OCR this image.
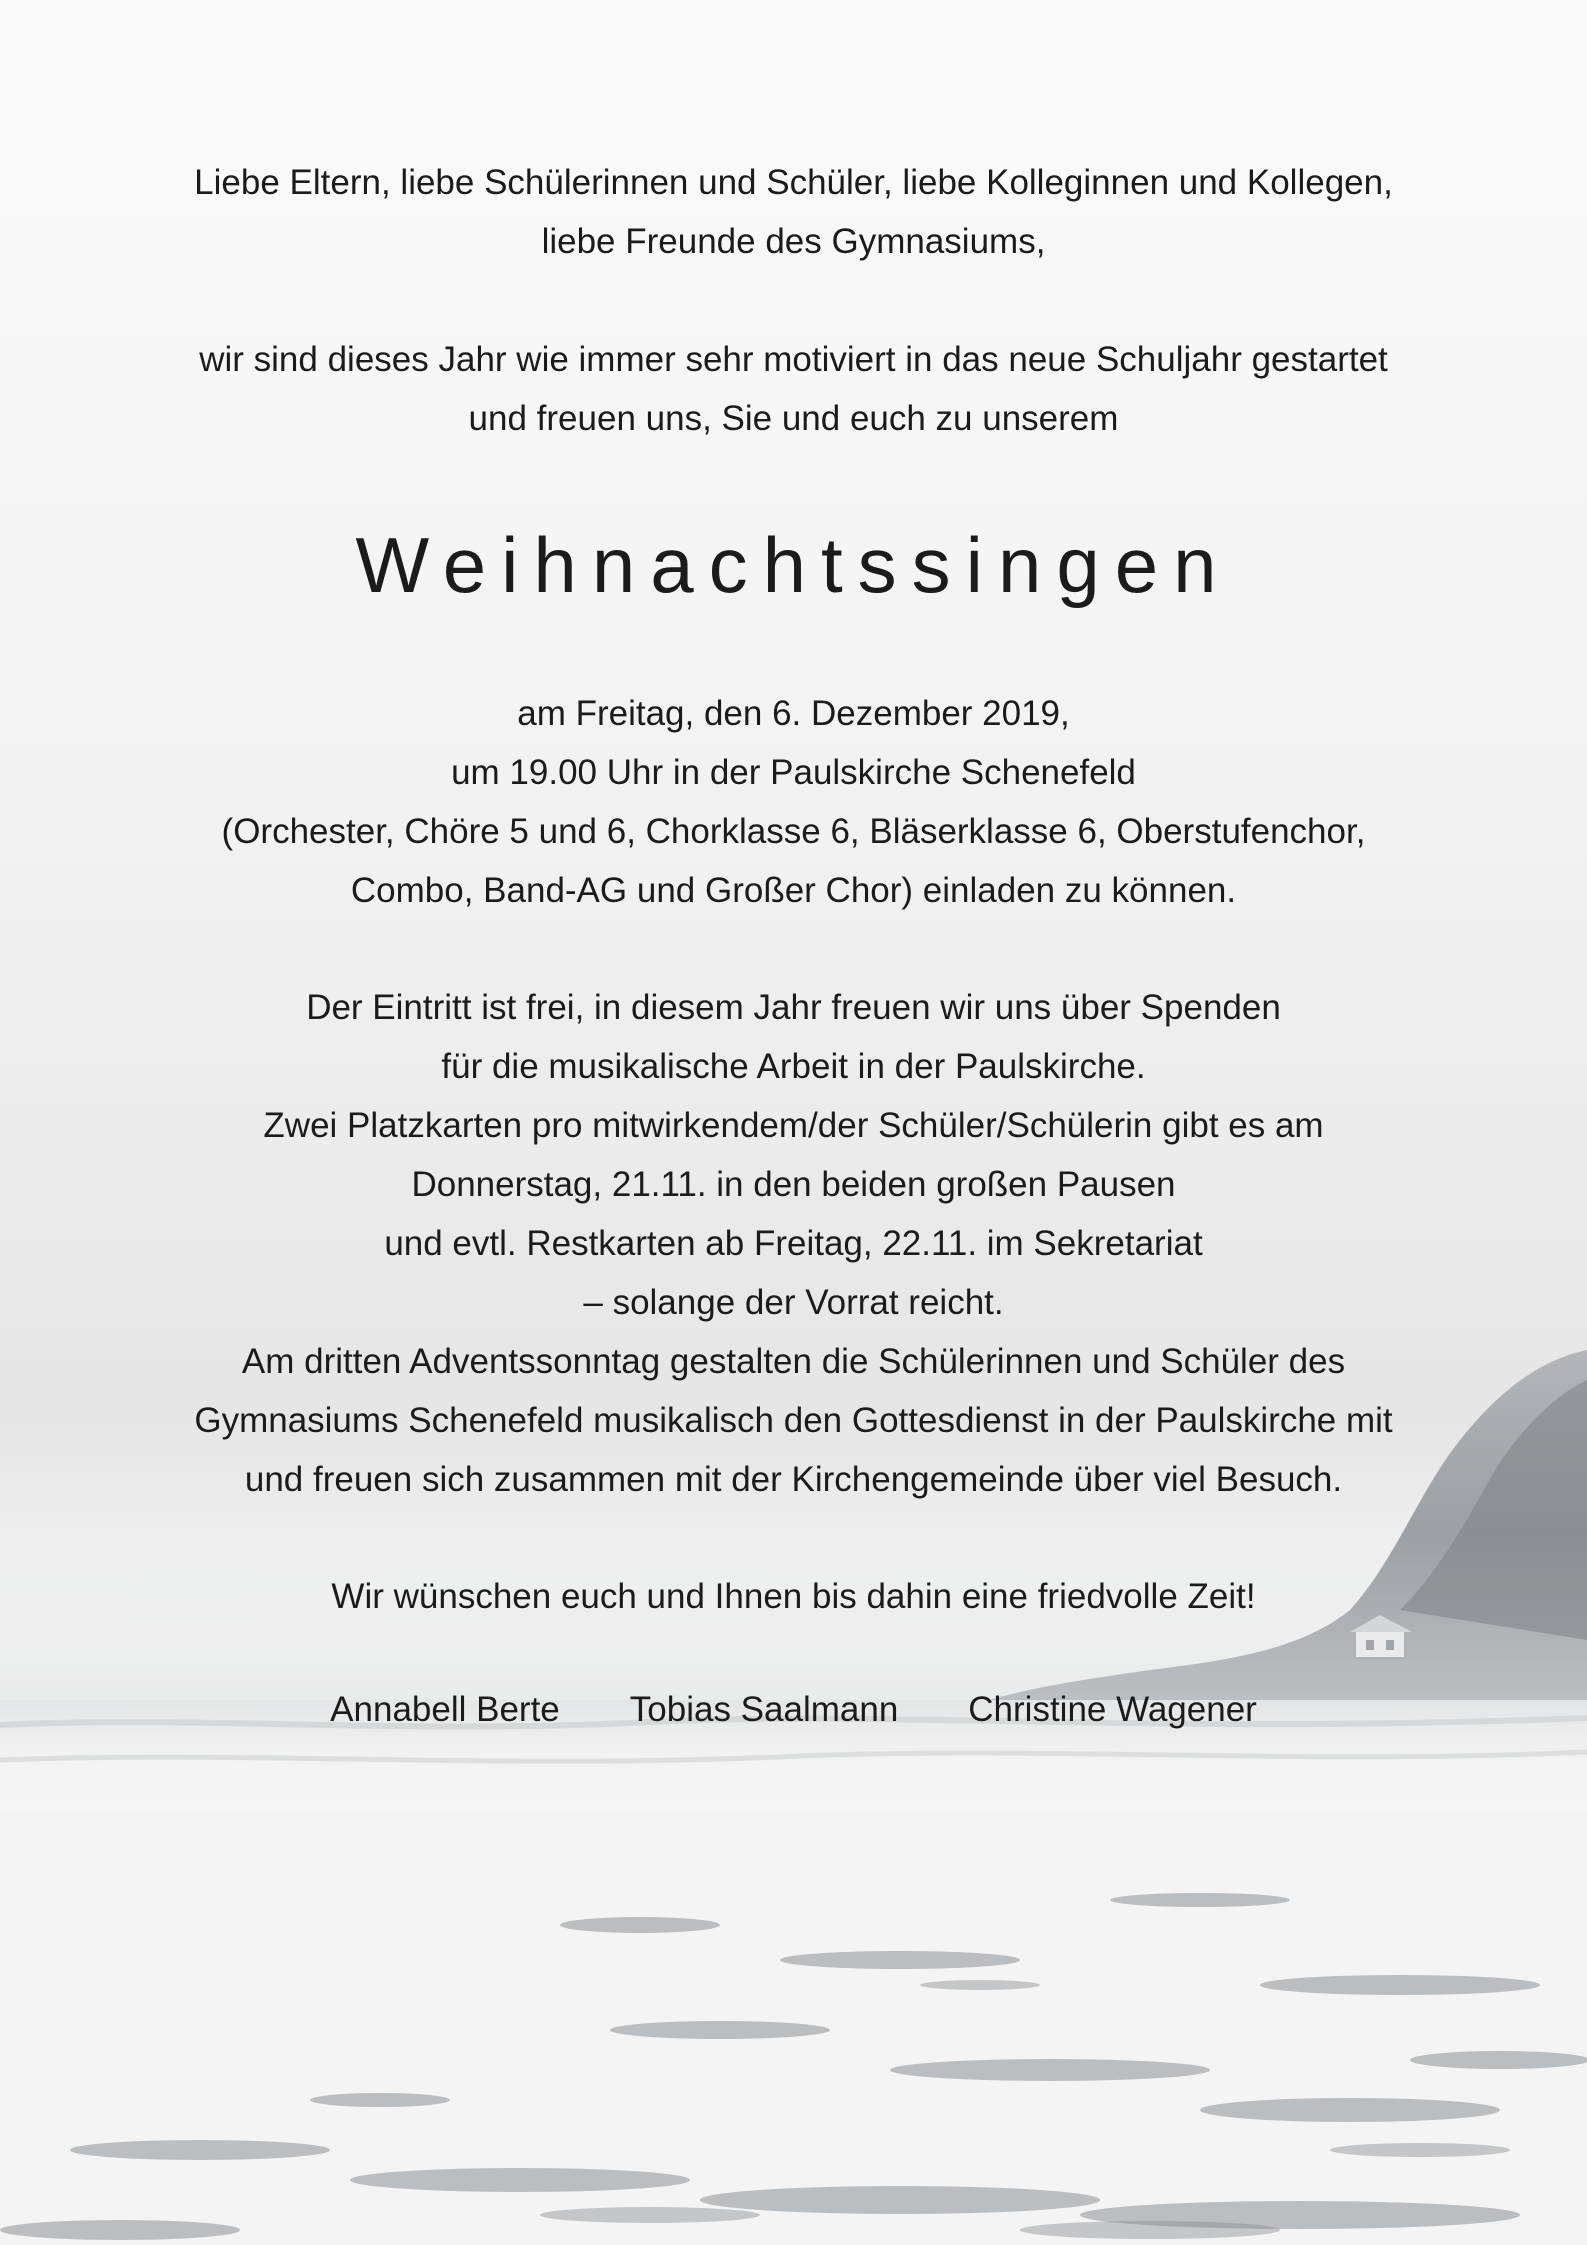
Liebe Eltern, liebe Schülerinnen und Schüler, liebe Kolleginnen und Kollegen,
liebe Freunde des Gymnasiums,
wir sind dieses Jahr wie immer sehr motiviert in das neue Schuljahr gestartet
und freuen uns, Sie und euch zu unserem
Weihnachtssingen
am Freitag, den 6. Dezember 2019,
um 19.00 Uhr in der Paulskirche Schenefeld
(Orchester, Chöre 5 und 6, Chorklasse 6, Bläserklasse 6, Oberstufenchor,
Combo, Band-AG und Großer Chor) einladen zu können.
Der Eintritt ist frei, in diesem Jahr freuen wir uns über Spenden
für die musikalische Arbeit in der Paulskirche.
Zwei Platzkarten pro mitwirkendem/der Schüler/Schülerin gibt es am
Donnerstag, 21.11. in den beiden großen Pausen
und evtl. Restkarten ab Freitag, 22.11. im Sekretariat
– solange der Vorrat reicht.
Am dritten Adventssonntag gestalten die Schülerinnen und Schüler des
Gymnasiums Schenefeld musikalisch den Gottesdienst in der Paulskirche mit
und freuen sich zusammen mit der Kirchengemeinde über viel Besuch.
Wir wünschen euch und Ihnen bis dahin eine friedvolle Zeit!
Annabell Berte Tobias Saalmann Christine Wagener
